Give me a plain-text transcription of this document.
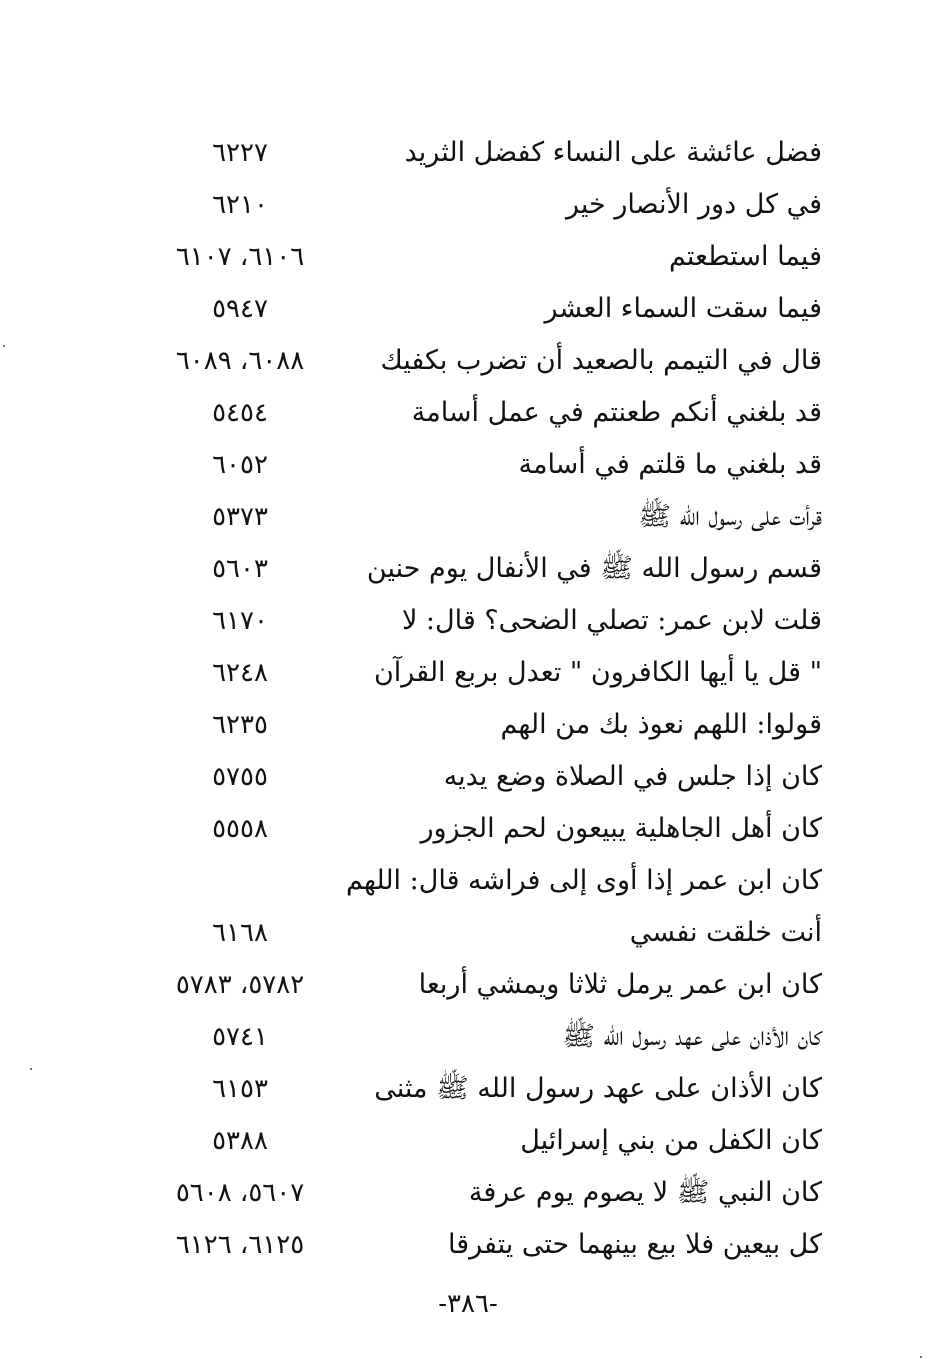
فضل عائشة على النساء كفضل الثريد
٦٢٢٧
في كل دور الأنصار خير
٦٢١٠
فيما استطعتم
٦١٠٦، ٦١٠٧
فيما سقت السماء العشر
٥٩٤٧
قال في التيمم بالصعيد أن تضرب بكفيك
٦٠٨٨، ٦٠٨٩
قد بلغني أنكم طعنتم في عمل أسامة
٥٤٥٤
قد بلغني ما قلتم في أسامة
٦٠٥٢
قرأت على رسول الله ﷺ
٥٣٧٣
قسم رسول الله ﷺ في الأنفال يوم حنين
٥٦٠٣
قلت لابن عمر: تصلي الضحى؟ قال: لا
٦١٧٠
" قل يا أيها الكافرون " تعدل بربع القرآن
٦٢٤٨
قولوا: اللهم نعوذ بك من الهم
٦٢٣٥
كان إذا جلس في الصلاة وضع يديه
٥٧٥٥
كان أهل الجاهلية يبيعون لحم الجزور
٥٥٥٨
كان ابن عمر إذا أوى إلى فراشه قال: اللهم
أنت خلقت نفسي
٦١٦٨
كان ابن عمر يرمل ثلاثا ويمشي أربعا
٥٧٨٢، ٥٧٨٣
كان الأذان على عهد رسول الله ﷺ
٥٧٤١
كان الأذان على عهد رسول الله ﷺ مثنى
٦١٥٣
كان الكفل من بني إسرائيل
٥٣٨٨
كان النبي ﷺ لا يصوم يوم عرفة
٥٦٠٧، ٥٦٠٨
كل بيعين فلا بيع بينهما حتى يتفرقا
٦١٢٥، ٦١٢٦
-٣٨٦-
